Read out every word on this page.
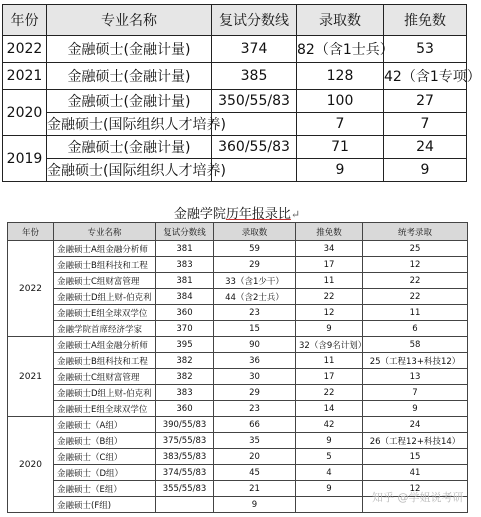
年份	专业名称	复试分数线	录取数	推免数
2022	金融硕士(金融计量)	374	82（含1士兵）	53
2021	金融硕士(金融计量)	385	128	42（含1专项）
2020	金融硕士(金融计量)	350/55/83	100	27
	金融硕士(国际组织人才培养)		7	7
2019	金融硕士(金融计量)	360/55/83	71	24
	金融硕士(国际组织人才培养)		9	9
金融学院历年报录比↵
年份	专业名称	复试分数线	录取数	推免数	统考录取
2022	金融硕士A组金融分析师	381	59	34	25
	金融硕士B组科技和工程	383	29	17	12
	金融硕士C组财富管理	381	33（含1少干）	11	22
	金融硕士D组上财-伯克利	384	44（含2士兵）	22	22
	金融硕士E组全球双学位	360	23	12	11
	金融学院首席经济学家	370	15	9	6
2021	金融硕士A组金融分析师	395	90	32（含9名计划）	58
	金融硕士B组科技和工程	382	36	11	25（工程13+科技12）
	金融硕士C组财富管理	382	30	17	13
	金融硕士D组上财-伯克利	383	29	22	7
	金融硕士E组全球双学位	360	23	14	9
2020	金融硕士（A组）	390/55/83	66	42	24
	金融硕士（B组）	375/55/83	35	9	26（工程12+科技14）
	金融硕士（C组）	383/55/83	20	5	15
	金融硕士（D组）	374/55/83	45	4	41
	金融硕士（E组）	355/55/83	21	9	12
	金融硕士(F组)		9		
知乎 @学姐说考研
